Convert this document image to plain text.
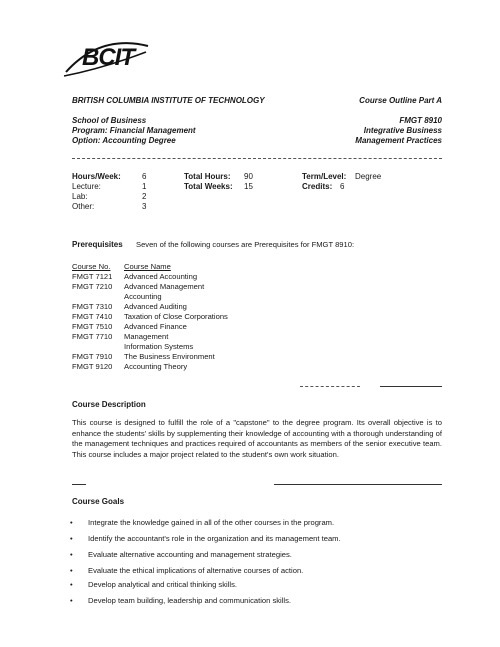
BCIT
BRITISH COLUMBIA INSTITUTE OF TECHNOLOGY	Course Outline Part A
School of Business
Program: Financial Management
Option: Accounting Degree
FMGT 8910
Integrative Business
Management Practices
Hours/Week:	6
Lecture:	1
Lab:	2
Other:	3
Total Hours: 90
Total Weeks: 15
Term/Level: Degree
Credits: 6
Prerequisites Seven of the following courses are Prerequisites for FMGT 8910:
Course No. Course Name
FMGT 7121 Advanced Accounting
FMGT 7210 Advanced Management Accounting
FMGT 7310 Advanced Auditing
FMGT 7410 Taxation of Close Corporations
FMGT 7510 Advanced Finance
FMGT 7710 Management Information Systems
FMGT 7910 The Business Environment
FMGT 9120 Accounting Theory
Course Description
This course is designed to fulfill the role of a "capstone" to the degree program. Its overall objective is to enhance the students' skills by supplementing their knowledge of accounting with a thorough understanding of the management techniques and practices required of accountants as members of the senior executive team. This course includes a major project related to the student's own work situation.
Course Goals
• Integrate the knowledge gained in all of the other courses in the program.
• Identify the accountant's role in the organization and its management team.
• Evaluate alternative accounting and management strategies.
• Evaluate the ethical implications of alternative courses of action.
• Develop analytical and critical thinking skills.
• Develop team building, leadership and communication skills.
